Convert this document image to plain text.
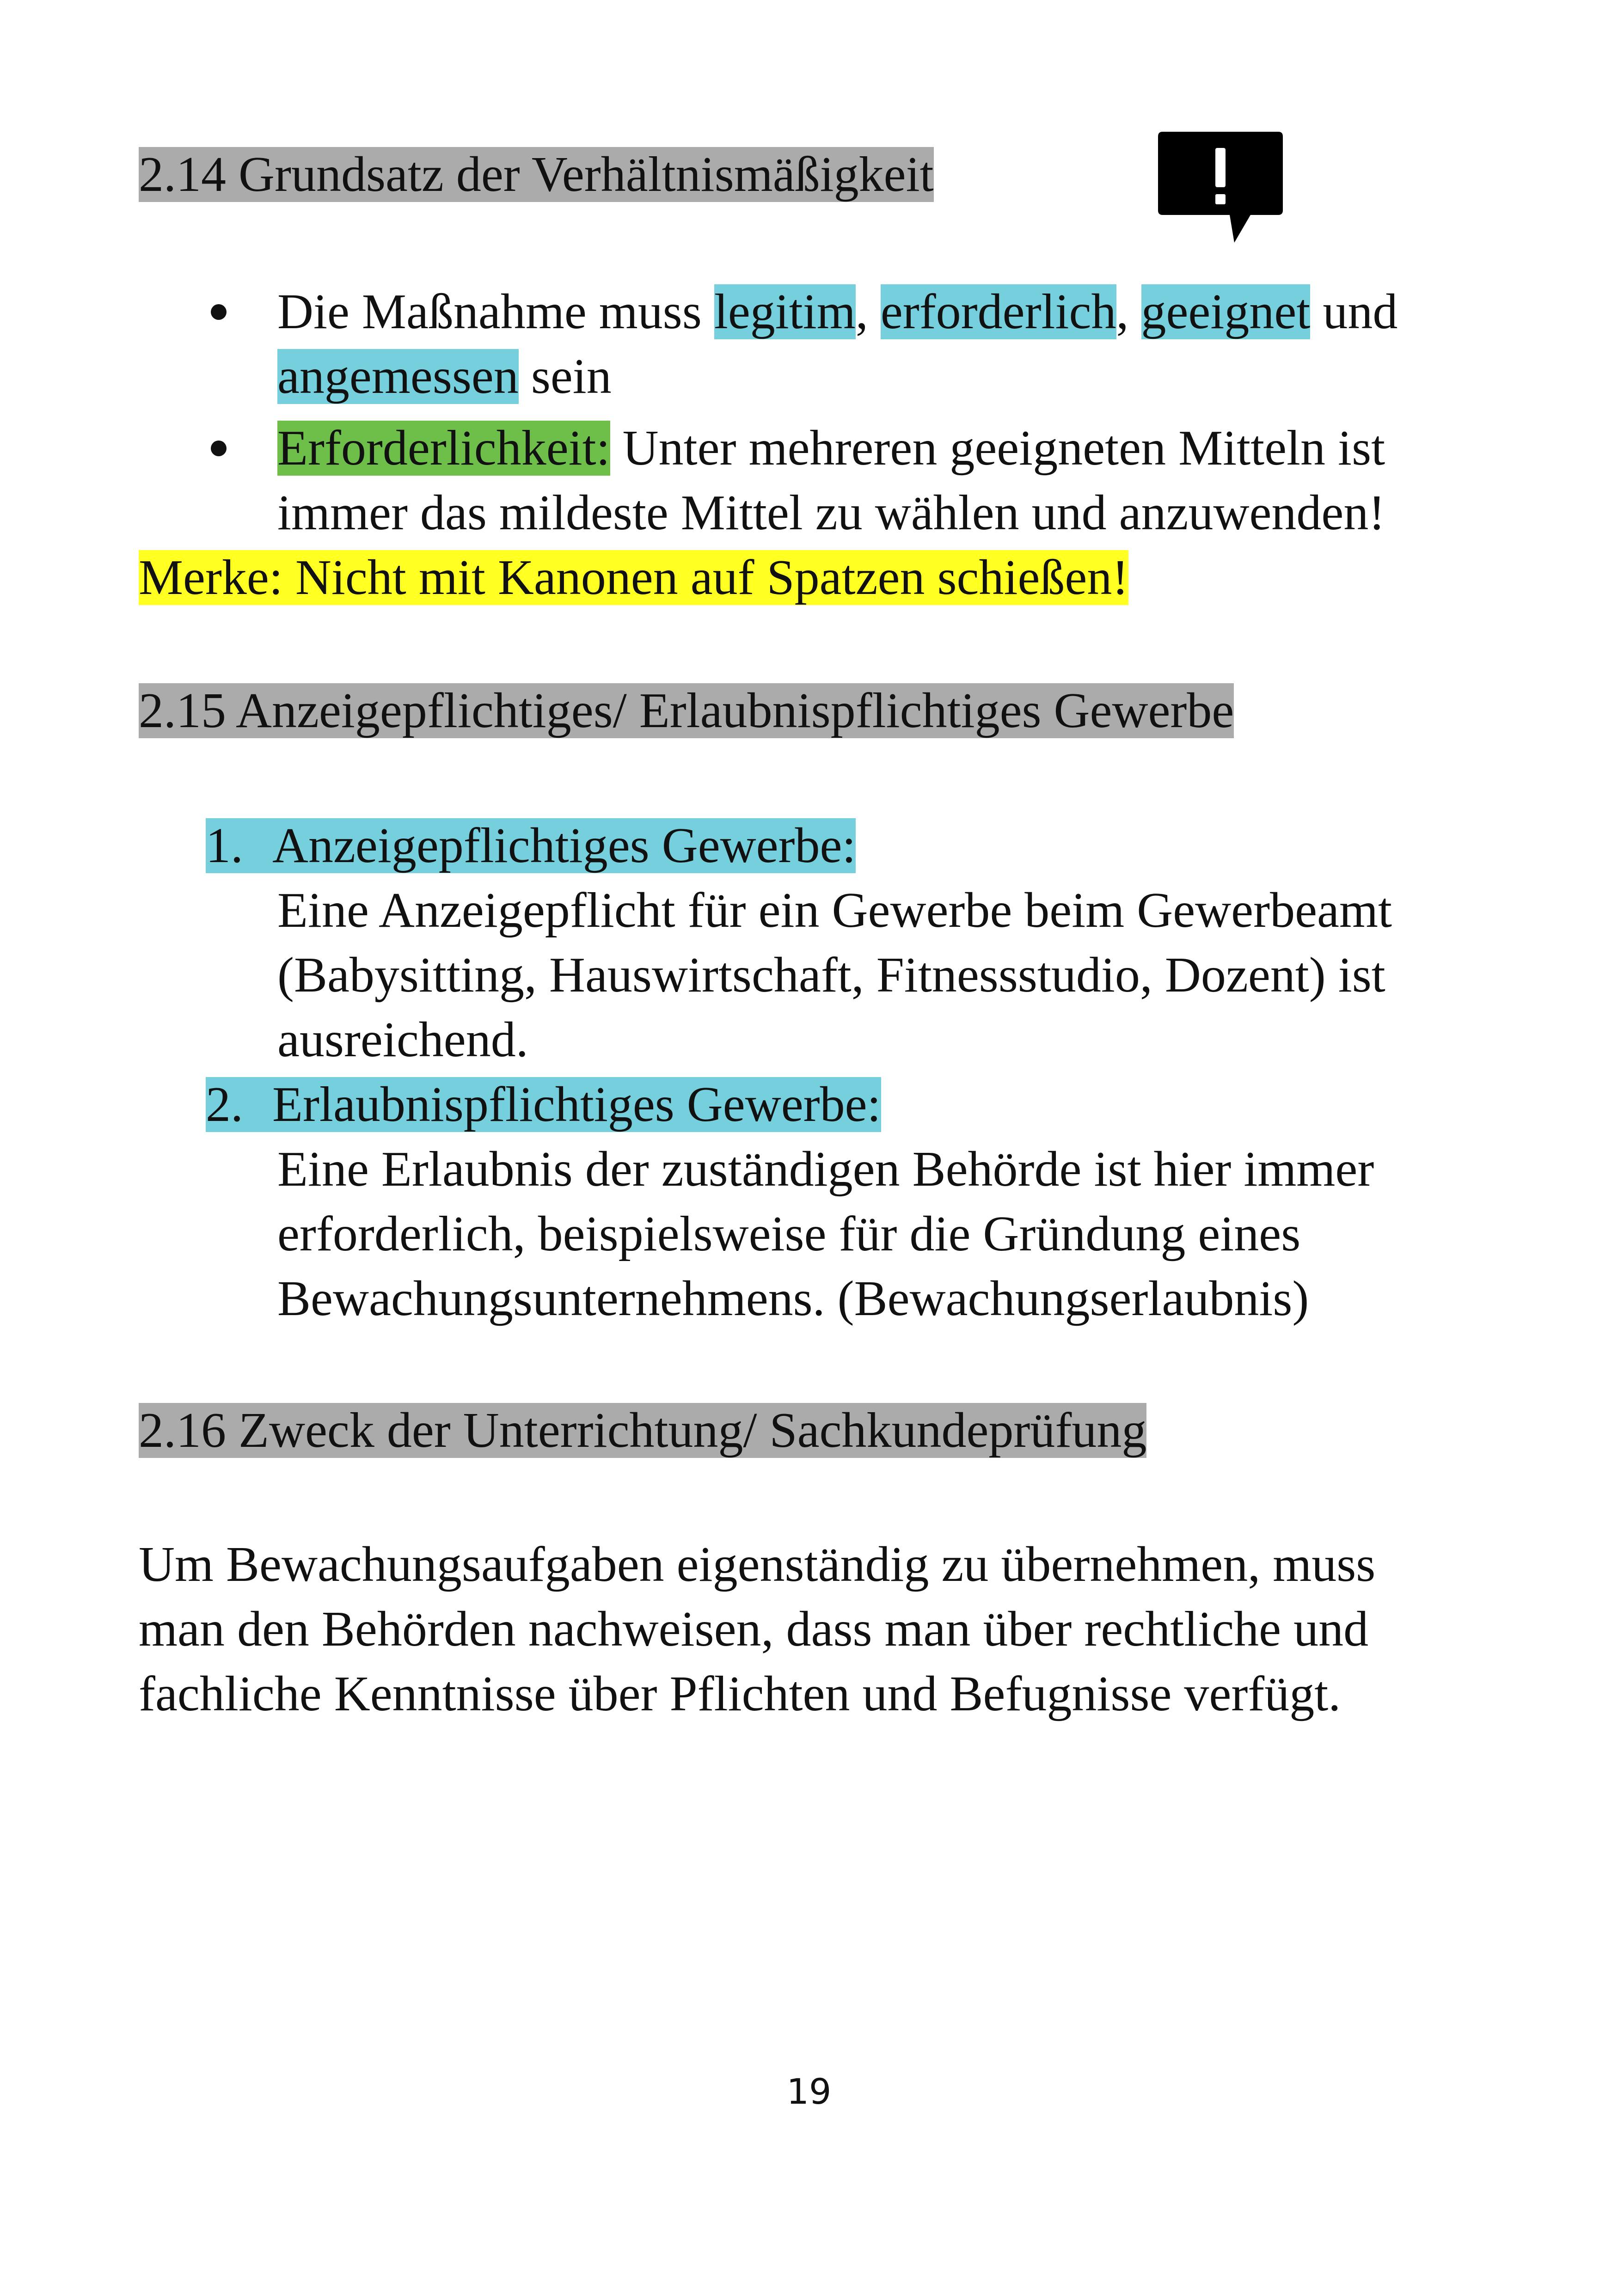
2.14 Grundsatz der Verhältnismäßigkeit

Die Maßnahme muss legitim, erforderlich, geeignet und

angemessen sein

Erforderlichkeit: Unter mehreren geeigneten Mitteln ist

immer das mildeste Mittel zu wählen und anzuwenden!

Merke: Nicht mit Kanonen auf Spatzen schießen!

2.15 Anzeigepflichtiges/ Erlaubnispflichtiges Gewerbe

1. Anzeigepflichtiges Gewerbe:

Eine Anzeigepflicht für ein Gewerbe beim Gewerbeamt

(Babysitting, Hauswirtschaft, Fitnessstudio, Dozent) ist

ausreichend.

2. Erlaubnispflichtiges Gewerbe:

Eine Erlaubnis der zuständigen Behörde ist hier immer

erforderlich, beispielsweise für die Gründung eines

Bewachungsunternehmens. (Bewachungserlaubnis)

2.16 Zweck der Unterrichtung/ Sachkundeprüfung

Um Bewachungsaufgaben eigenständig zu übernehmen, muss

man den Behörden nachweisen, dass man über rechtliche und

fachliche Kenntnisse über Pflichten und Befugnisse verfügt.

19
